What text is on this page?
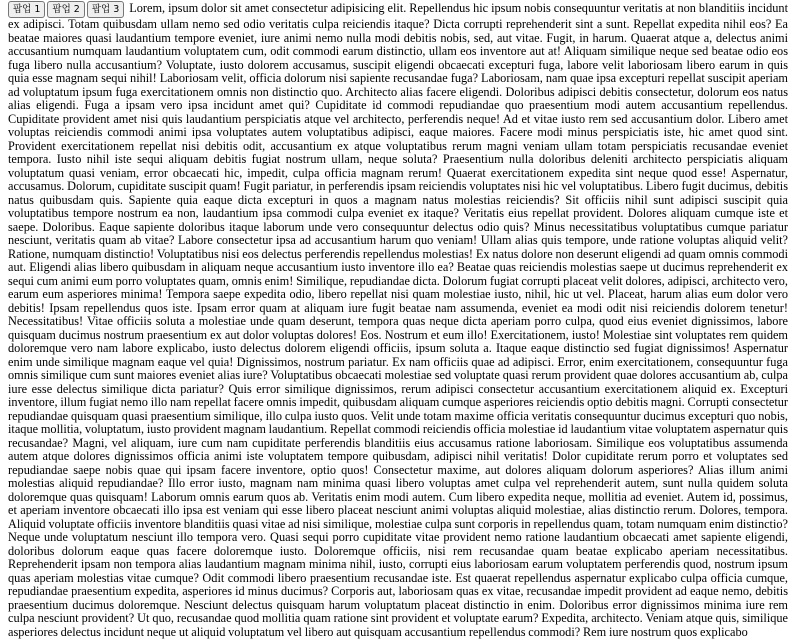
팝업 1 팝업 2 팝업 3 Lorem, ipsum dolor sit amet consectetur adipisicing elit. Repellendus hic ipsum nobis consequuntur veritatis at non blanditiis incidunt ex adipisci. Totam quibusdam ullam nemo sed odio veritatis culpa reiciendis itaque? Dicta corrupti reprehenderit sint a sunt. Repellat expedita nihil eos? Ea beatae maiores quasi laudantium tempore eveniet, iure animi nemo nulla modi debitis nobis, sed, aut vitae. Fugit, in harum. Quaerat atque a, delectus animi accusantium numquam laudantium voluptatem cum, odit commodi earum distinctio, ullam eos inventore aut at! Aliquam similique neque sed beatae odio eos fuga libero nulla accusantium? Voluptate, iusto dolorem accusamus, suscipit eligendi obcaecati excepturi fuga, labore velit laboriosam libero earum in quis quia esse magnam sequi nihil! Laboriosam velit, officia dolorum nisi sapiente recusandae fuga? Laboriosam, nam quae ipsa excepturi repellat suscipit aperiam ad voluptatum ipsum fuga exercitationem omnis non distinctio quo. Architecto alias facere eligendi. Doloribus adipisci debitis consectetur, dolorum eos natus alias eligendi. Fuga a ipsam vero ipsa incidunt amet qui? Cupiditate id commodi repudiandae quo praesentium modi autem accusantium repellendus. Cupiditate provident amet nisi quis laudantium perspiciatis atque vel architecto, perferendis neque! Ad et vitae iusto rem sed accusantium dolor. Libero amet voluptas reiciendis commodi animi ipsa voluptates autem voluptatibus adipisci, eaque maiores. Facere modi minus perspiciatis iste, hic amet quod sint. Provident exercitationem repellat nisi debitis odit, accusantium ex atque voluptatibus rerum magni veniam ullam totam perspiciatis recusandae eveniet tempora. Iusto nihil iste sequi aliquam debitis fugiat nostrum ullam, neque soluta? Praesentium nulla doloribus deleniti architecto perspiciatis aliquam voluptatum quasi veniam, error obcaecati hic, impedit, culpa officia magnam rerum! Quaerat exercitationem expedita sint neque quod esse! Aspernatur, accusamus. Dolorum, cupiditate suscipit quam! Fugit pariatur, in perferendis ipsam reiciendis voluptates nisi hic vel voluptatibus. Libero fugit ducimus, debitis natus quibusdam quis. Sapiente quia eaque dicta excepturi in quos a magnam natus molestias reiciendis? Sit officiis nihil sunt adipisci suscipit quia voluptatibus tempore nostrum ea non, laudantium ipsa commodi culpa eveniet ex itaque? Veritatis eius repellat provident. Dolores aliquam cumque iste et saepe. Doloribus. Eaque sapiente doloribus itaque laborum unde vero consequuntur delectus odio quis? Minus necessitatibus voluptatibus cumque pariatur nesciunt, veritatis quam ab vitae? Labore consectetur ipsa ad accusantium harum quo veniam! Ullam alias quis tempore, unde ratione voluptas aliquid velit? Ratione, numquam distinctio! Voluptatibus nisi eos delectus perferendis repellendus molestias! Ex natus dolore non deserunt eligendi ad quam omnis commodi aut. Eligendi alias libero quibusdam in aliquam neque accusantium iusto inventore illo ea? Beatae quas reiciendis molestias saepe ut ducimus reprehenderit ex sequi cum animi eum porro voluptates quam, omnis enim! Similique, repudiandae dicta. Dolorum fugiat corrupti placeat velit dolores, adipisci, architecto vero, earum eum asperiores minima! Tempora saepe expedita odio, libero repellat nisi quam molestiae iusto, nihil, hic ut vel. Placeat, harum alias eum dolor vero debitis! Ipsam repellendus quos iste. Ipsam error quam at aliquam iure fugit beatae nam assumenda, eveniet ea modi odit nisi reiciendis dolorem tenetur! Necessitatibus! Vitae officiis soluta a molestiae unde quam deserunt, tempora quas neque dicta aperiam porro culpa, quod eius eveniet dignissimos, labore quisquam ducimus nostrum praesentium ex aut dolor voluptas dolores! Eos. Nostrum et eum illo! Exercitationem, iusto! Molestiae sint voluptates rem quidem doloremque vero nam labore explicabo, iusto delectus dolorem eligendi officiis, ipsum soluta a. Itaque eaque distinctio sed fugiat dignissimos! Aspernatur enim unde similique magnam eaque vel quia! Dignissimos, nostrum pariatur. Ex nam officiis quae ad adipisci. Error, enim exercitationem, consequuntur fuga omnis similique cum sunt maiores eveniet alias iure? Voluptatibus obcaecati molestiae sed voluptate quasi rerum provident quae dolores accusantium ab, culpa iure esse delectus similique dicta pariatur? Quis error similique dignissimos, rerum adipisci consectetur accusantium exercitationem aliquid ex. Excepturi inventore, illum fugiat nemo illo nam repellat facere omnis impedit, quibusdam aliquam cumque asperiores reiciendis optio debitis magni. Corrupti consectetur repudiandae quisquam quasi praesentium similique, illo culpa iusto quos. Velit unde totam maxime officia veritatis consequuntur ducimus excepturi quo nobis, itaque mollitia, voluptatum, iusto provident magnam laudantium. Repellat commodi reiciendis officia molestiae id laudantium vitae voluptatem aspernatur quis recusandae? Magni, vel aliquam, iure cum nam cupiditate perferendis blanditiis eius accusamus ratione laboriosam. Similique eos voluptatibus assumenda autem atque dolores dignissimos officia animi iste voluptatem tempore quibusdam, adipisci nihil veritatis! Dolor cupiditate rerum porro et voluptates sed repudiandae saepe nobis quae qui ipsam facere inventore, optio quos! Consectetur maxime, aut dolores aliquam dolorum asperiores? Alias illum animi molestias aliquid repudiandae? Illo error iusto, magnam nam minima quasi libero voluptas amet culpa vel reprehenderit autem, sunt nulla quidem soluta doloremque quas quisquam! Laborum omnis earum quos ab. Veritatis enim modi autem. Cum libero expedita neque, mollitia ad eveniet. Autem id, possimus, et aperiam inventore obcaecati illo ipsa est veniam qui esse libero placeat nesciunt animi voluptas aliquid molestiae, alias distinctio rerum. Dolores, tempora. Aliquid voluptate officiis inventore blanditiis quasi vitae ad nisi similique, molestiae culpa sunt corporis in repellendus quam, totam numquam enim distinctio? Neque unde voluptatum nesciunt illo tempora vero. Quasi sequi porro cupiditate vitae provident nemo ratione laudantium obcaecati amet sapiente eligendi, doloribus dolorum eaque quas facere doloremque iusto. Doloremque officiis, nisi rem recusandae quam beatae explicabo aperiam necessitatibus. Reprehenderit ipsam non tempora alias laudantium magnam minima nihil, iusto, corrupti eius laboriosam earum voluptatem perferendis quod, nostrum ipsum quas aperiam molestias vitae cumque? Odit commodi libero praesentium recusandae iste. Est quaerat repellendus aspernatur explicabo culpa officia cumque, repudiandae praesentium expedita, asperiores id minus ducimus? Corporis aut, laboriosam quas ex vitae, recusandae impedit provident ad eaque nemo, debitis praesentium ducimus doloremque. Nesciunt delectus quisquam harum voluptatum placeat distinctio in enim. Doloribus error dignissimos minima iure rem culpa nesciunt provident? Ut quo, recusandae quod mollitia quam ratione sint provident et voluptate earum? Expedita, architecto. Veniam atque quis, similique asperiores delectus incidunt neque ut aliquid voluptatum vel libero aut quisquam accusantium repellendus commodi? Rem iure nostrum quos explicabo
